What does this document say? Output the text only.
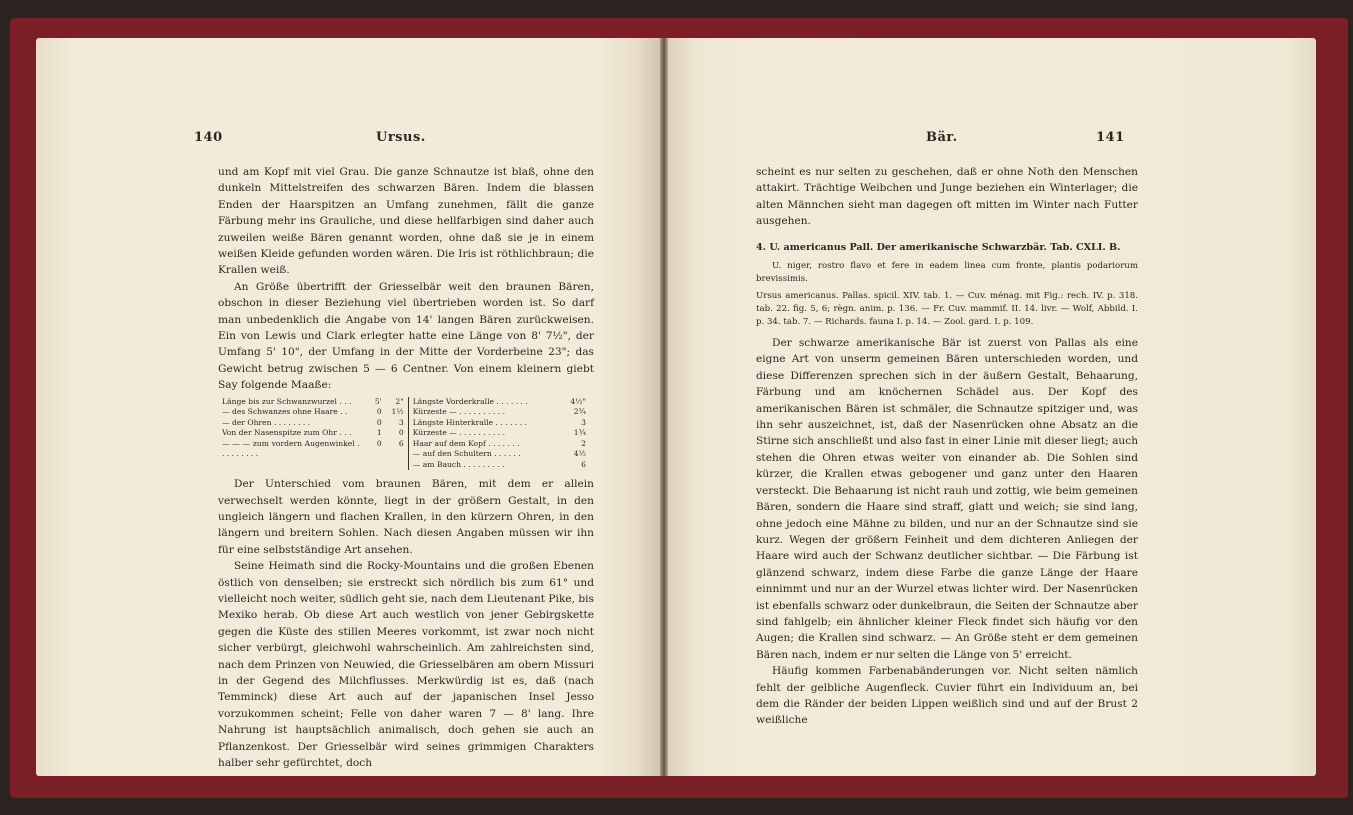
140	Ursus.

und am Kopf mit viel Grau. Die ganze Schnautze ist blaß, ohne den dunkeln Mittelstreifen des schwarzen Bären. Indem die blassen Enden der Haarspitzen an Umfang zunehmen, fällt die ganze Färbung mehr ins Grauliche, und diese hellfarbigen sind daher auch zuweilen weiße Bären genannt worden, ohne daß sie je in einem weißen Kleide gefunden worden wären. Die Iris ist röthlichbraun; die Krallen weiß.

An Größe übertrifft der Griesselbär weit den braunen Bären, obschon in dieser Beziehung viel übertrieben worden ist. So darf man unbedenklich die Angabe von 14' langen Bären zurückweisen. Ein von Lewis und Clark erlegter hatte eine Länge von 8' 7½", der Umfang 5' 10", der Umfang in der Mitte der Vorderbeine 23"; das Gewicht betrug zwischen 5 — 6 Centner. Von einem kleinern giebt Say folgende Maaße:

Länge bis zur Schwanzwurzel . . .	5'	2"
— des Schwanzes ohne Haare . .	0	1½
— der Ohren . . . . . . . .	0	3
Von der Nasenspitze zum Ohr . . .	1	0
— — — zum vordern Augenwinkel . . . . . . . . .	0	6

Längste Vorderkralle . . . . . . .	4½"
Kürzeste — . . . . . . . . . .	2¾
Längste Hinterkralle . . . . . . .	3
Kürzeste — . . . . . . . . . .	1¾
Haar auf dem Kopf . . . . . . .	2
— auf den Schultern . . . . . .	4½
— am Bauch . . . . . . . . .	6

Der Unterschied vom braunen Bären, mit dem er allein verwechselt werden könnte, liegt in der größern Gestalt, in den ungleich längern und flachen Krallen, in den kürzern Ohren, in den längern und breitern Sohlen. Nach diesen Angaben müssen wir ihn für eine selbstständige Art ansehen.

Seine Heimath sind die Rocky-Mountains und die großen Ebenen östlich von denselben; sie erstreckt sich nördlich bis zum 61° und vielleicht noch weiter, südlich geht sie, nach dem Lieutenant Pike, bis Mexiko herab. Ob diese Art auch westlich von jener Gebirgskette gegen die Küste des stillen Meeres vorkommt, ist zwar noch nicht sicher verbürgt, gleichwohl wahrscheinlich. Am zahlreichsten sind, nach dem Prinzen von Neuwied, die Griesselbären am obern Missuri in der Gegend des Milchflusses. Merkwürdig ist es, daß (nach Temminck) diese Art auch auf der japanischen Insel Jesso vorzukommen scheint; Felle von daher waren 7 — 8' lang. Ihre Nahrung ist hauptsächlich animalisch, doch gehen sie auch an Pflanzenkost. Der Griesselbär wird seines grimmigen Charakters halber sehr gefürchtet, doch

Bär.	141

scheint es nur selten zu geschehen, daß er ohne Noth den Menschen attakirt. Trächtige Weibchen und Junge beziehen ein Winterlager; die alten Männchen sieht man dagegen oft mitten im Winter nach Futter ausgehen.

4. U. americanus Pall. Der amerikanische Schwarzbär. Tab. CXLI. B.

U. niger, rostro flavo et fere in eadem linea cum fronte, plantis podariorum brevissimis.

Ursus americanus. Pallas. spicil. XIV. tab. 1. — Cuv. ménag. mit Fig.: rech. IV. p. 318. tab. 22. fig. 5, 6; règn. anim. p. 136. — Fr. Cuv. mammif. II. 14. livr. — Wolf, Abbild. I. p. 34. tab. 7. — Richards. fauna I. p. 14. — Zool. gard. I. p. 109.

Der schwarze amerikanische Bär ist zuerst von Pallas als eine eigne Art von unserm gemeinen Bären unterschieden worden, und diese Differenzen sprechen sich in der äußern Gestalt, Behaarung, Färbung und am knöchernen Schädel aus. Der Kopf des amerikanischen Bären ist schmäler, die Schnautze spitziger und, was ihn sehr auszeichnet, ist, daß der Nasenrücken ohne Absatz an die Stirne sich anschließt und also fast in einer Linie mit dieser liegt; auch stehen die Ohren etwas weiter von einander ab. Die Sohlen sind kürzer, die Krallen etwas gebogener und ganz unter den Haaren versteckt. Die Behaarung ist nicht rauh und zottig, wie beim gemeinen Bären, sondern die Haare sind straff, glatt und weich; sie sind lang, ohne jedoch eine Mähne zu bilden, und nur an der Schnautze sind sie kurz. Wegen der größern Feinheit und dem dichteren Anliegen der Haare wird auch der Schwanz deutlicher sichtbar. — Die Färbung ist glänzend schwarz, indem diese Farbe die ganze Länge der Haare einnimmt und nur an der Wurzel etwas lichter wird. Der Nasenrücken ist ebenfalls schwarz oder dunkelbraun, die Seiten der Schnautze aber sind fahlgelb; ein ähnlicher kleiner Fleck findet sich häufig vor den Augen; die Krallen sind schwarz. — An Größe steht er dem gemeinen Bären nach, indem er nur selten die Länge von 5' erreicht.

Häufig kommen Farbenabänderungen vor. Nicht selten nämlich fehlt der gelbliche Augenfleck. Cuvier führt ein Individuum an, bei dem die Ränder der beiden Lippen weißlich sind und auf der Brust 2 weißliche
